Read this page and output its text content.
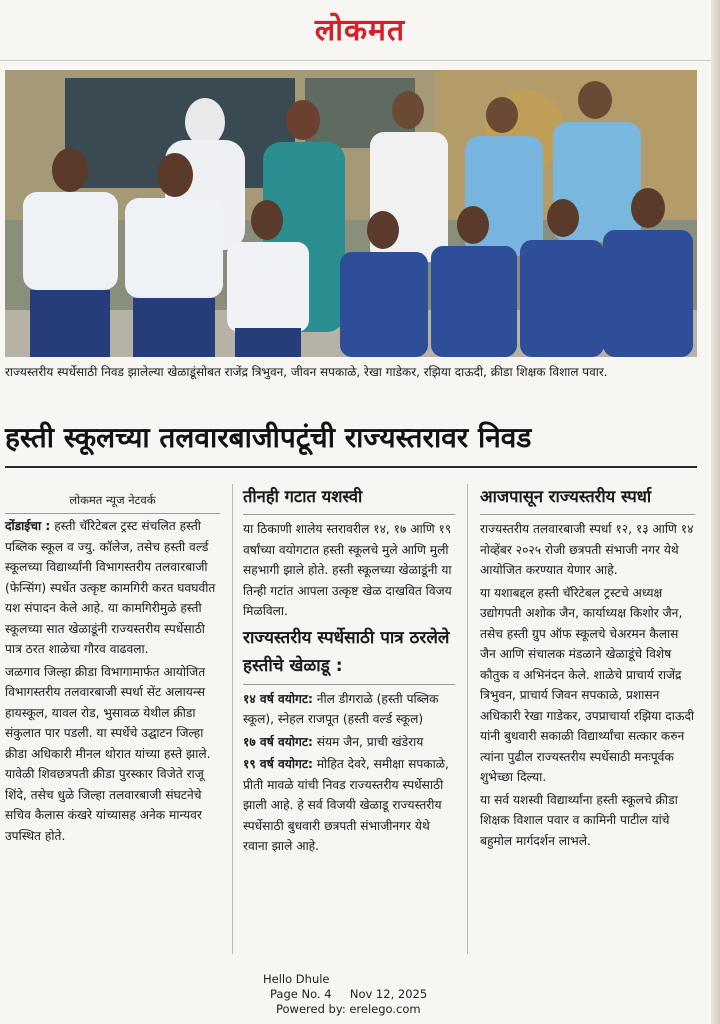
लोकमत
राज्यस्तरीय स्पर्धेसाठी निवड झालेल्या खेळाडूंसोबत राजेंद्र त्रिभुवन, जीवन सपकाळे, रेखा गाडेकर, रझिया दाऊदी, क्रीडा शिक्षक विशाल पवार.
हस्ती स्कूलच्या तलवारबाजीपटूंची राज्यस्तरावर निवड
लोकमत न्यूज नेटवर्क

दोंडाईचा : हस्ती चॅरिटेबल ट्रस्ट संचलित हस्ती पब्लिक स्कूल व ज्यु. कॉलेज, तसेच हस्ती वर्ल्ड स्कूलच्या विद्यार्थ्यांनी विभागस्तरीय तलवारबाजी (फेन्सिंग) स्पर्धेत उत्कृष्ट कामगिरी करत घवघवीत यश संपादन केले आहे. या कामगिरीमुळे हस्ती स्कूलच्या सात खेळाडूंनी राज्यस्तरीय स्पर्धेसाठी पात्र ठरत शाळेचा गौरव वाढवला.

जळगाव जिल्हा क्रीडा विभागामार्फत आयोजित विभागस्तरीय तलवारबाजी स्पर्धा सेंट अलायन्स हायस्कूल, यावल रोड, भुसावळ येथील क्रीडा संकुलात पार पडली. या स्पर्धेचे उद्घाटन जिल्हा क्रीडा अधिकारी मीनल थोरात यांच्या हस्ते झाले. यावेळी शिवछत्रपती क्रीडा पुरस्कार विजेते राजू शिंदे, तसेच धुळे जिल्हा तलवारबाजी संघटनेचे सचिव कैलास कंखरे यांच्यासह अनेक मान्यवर उपस्थित होते.

तीनही गटात यशस्वी

या ठिकाणी शालेय स्तरावरील १४, १७ आणि १९ वर्षांच्या वयोगटात हस्ती स्कूलचे मुले आणि मुली सहभागी झाले होते. हस्ती स्कूलच्या खेळाडूंनी या तिन्ही गटांत आपला उत्कृष्ट खेळ दाखवित विजय मिळविला.

राज्यस्तरीय स्पर्धेसाठी पात्र ठरलेले हस्तीचे खेळाडू :

१४ वर्ष वयोगट: नील डीगराळे (हस्ती पब्लिक स्कूल), स्नेहल राजपूत (हस्ती वर्ल्ड स्कूल)

१७ वर्ष वयोगट: संयम जैन, प्राची खंडेराय

१९ वर्ष वयोगट: मोहित देवरे, समीक्षा सपकाळे, प्रीती मावळे यांची निवड राज्यस्तरीय स्पर्धेसाठी झाली आहे. हे सर्व विजयी खेळाडू राज्यस्तरीय स्पर्धेसाठी बुधवारी छत्रपती संभाजीनगर येथे रवाना झाले आहे.

आजपासून राज्यस्तरीय स्पर्धा

राज्यस्तरीय तलवारबाजी स्पर्धा १२, १३ आणि १४ नोव्हेंबर २०२५ रोजी छत्रपती संभाजी नगर येथे आयोजित करण्यात येणार आहे.

या यशाबद्दल हस्ती चॅरिटेबल ट्रस्टचे अध्यक्ष उद्योगपती अशोक जैन, कार्याध्यक्ष किशोर जैन, तसेच हस्ती ग्रुप ऑफ स्कूलचे चेअरमन कैलास जैन आणि संचालक मंडळाने खेळाडूंचे विशेष कौतुक व अभिनंदन केले. शाळेचे प्राचार्य राजेंद्र त्रिभुवन, प्राचार्य जिवन सपकाळे, प्रशासन अधिकारी रेखा गाडेकर, उपप्राचार्या रझिया दाऊदी यांनी बुधवारी सकाळी विद्यार्थ्यांचा सत्कार करुन त्यांना पुढील राज्यस्तरीय स्पर्धेसाठी मनःपूर्वक शुभेच्छा दिल्या.

या सर्व यशस्वी विद्यार्थ्यांना हस्ती स्कूलचे क्रीडा शिक्षक विशाल पवार व कामिनी पाटील यांचे बहुमोल मार्गदर्शन लाभले.

Hello Dhule
Page No. 4     Nov 12, 2025
Powered by: erelego.com
